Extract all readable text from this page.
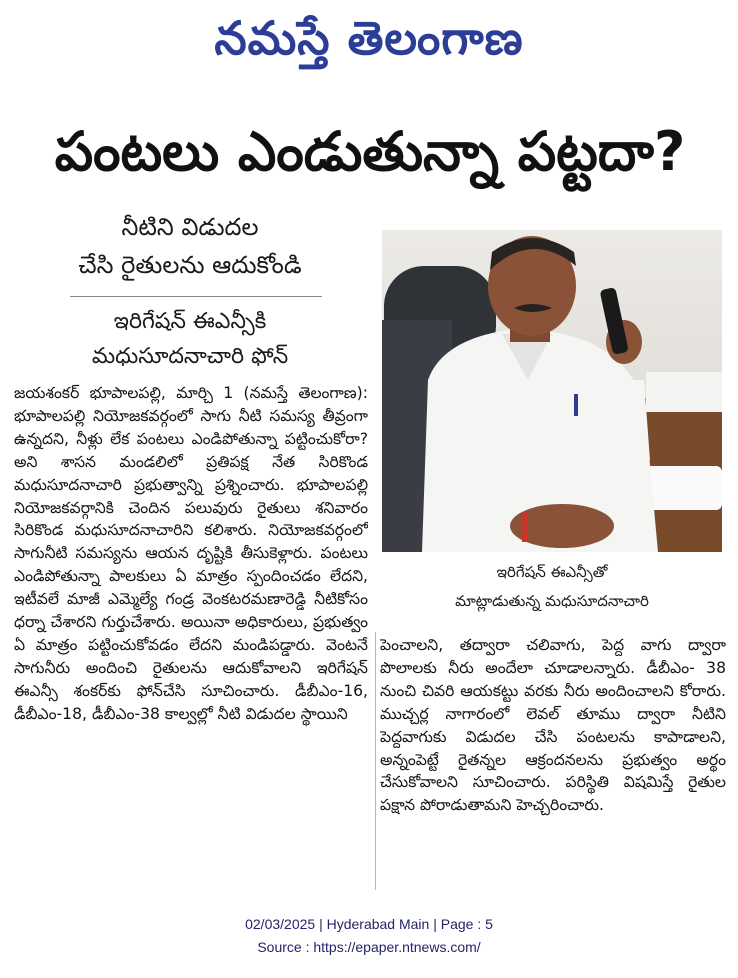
నమస్తే తెలంగాణ
పంటలు ఎండుతున్నా పట్టదా?
నీటిని విడుదల
చేసి రైతులను ఆదుకోండి
ఇరిగేషన్ ఈఎన్సీకి
మధుసూదనాచారి ఫోన్
జయశంకర్ భూపాలపల్లి, మార్చి 1 (నమస్తే తెలంగాణ): భూపాలపల్లి నియోజకవర్గంలో సాగు నీటి సమస్య తీవ్రంగా ఉన్నదని, నీళ్లు లేక పంటలు ఎండిపోతున్నా పట్టించుకోరా? అని శాసన మండలిలో ప్రతిపక్ష నేత సిరికొండ మధుసూదనాచారి ప్రభుత్వాన్ని ప్రశ్నించారు. భూపాలపల్లి నియోజకవర్గానికి చెందిన పలువురు రైతులు శనివారం సిరికొండ మధుసూదనాచారిని కలిశారు. నియోజకవర్గంలో సాగునీటి సమస్యను ఆయన దృష్టికి తీసుకెళ్లారు. పంటలు ఎండిపోతున్నా పాలకులు ఏ మాత్రం స్పందించడం లేదని, ఇటీవలే మాజీ ఎమ్మెల్యే గండ్ర వెంకటరమణారెడ్డి నీటికోసం ధర్నా చేశారని గుర్తుచేశారు. అయినా అధికారులు, ప్రభుత్వం ఏ మాత్రం పట్టించుకోవడం లేదని మండిపడ్డారు. వెంటనే సాగునీరు అందించి రైతులను ఆదుకోవాలని ఇరిగేషన్ ఈఎన్సీ శంకర్‌కు ఫోన్‌చేసి సూచించారు. డీబీఎం-16, డీబీఎం-18, డీబీఎం-38 కాల్వల్లో నీటి విడుదల స్థాయిని
ఇరిగేషన్ ఈఎన్సీతో
మాట్లాడుతున్న మధుసూదనాచారి
పెంచాలని, తద్వారా చలివాగు, పెద్ద వాగు ద్వారా పొలాలకు నీరు అందేలా చూడాలన్నారు. డీబీఎం- 38 నుంచి చివరి ఆయకట్టు వరకు నీరు అందించాలని కోరారు. ముచ్చర్ల నాగారంలో లెవల్ తూము ద్వారా నీటిని పెద్దవాగుకు విడుదల చేసి పంటలను కాపాడాలని, అన్నంపెట్టే రైతన్నల ఆక్రందనలను ప్రభుత్వం అర్థం చేసుకోవాలని సూచించారు. పరిస్థితి విషమిస్తే రైతుల పక్షాన పోరాడుతామని హెచ్చరించారు.
02/03/2025 | Hyderabad Main | Page : 5
Source : https://epaper.ntnews.com/
